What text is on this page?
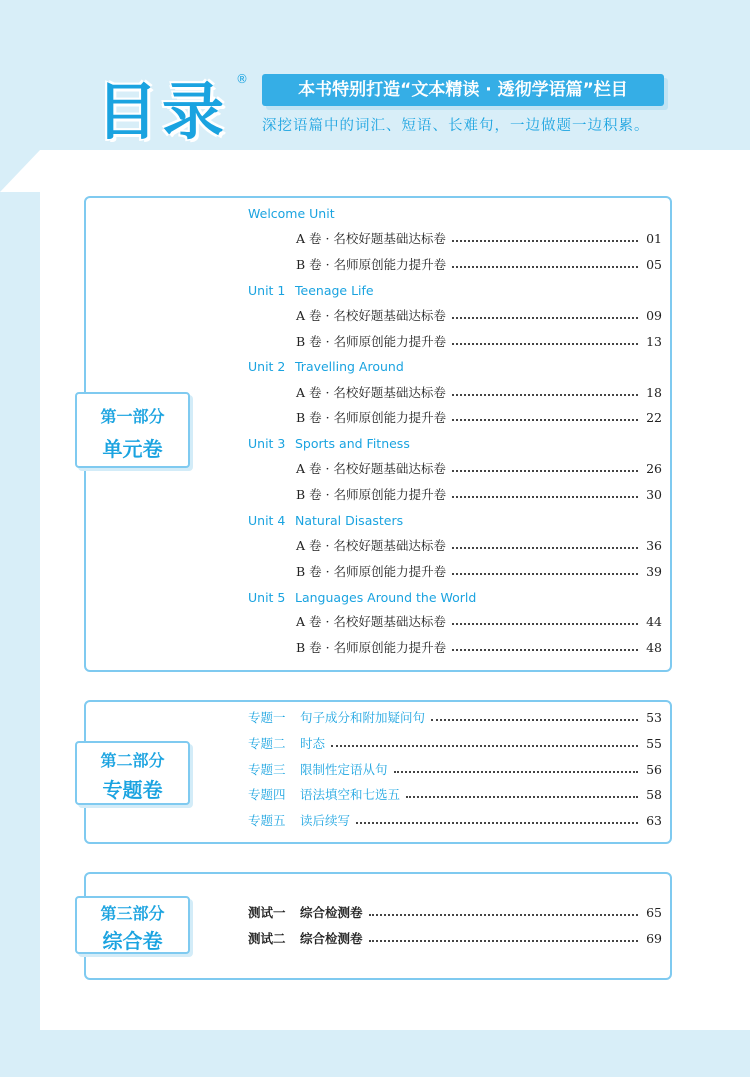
目录 ®
本书特别打造“文本精读 · 透彻学语篇”栏目
深挖语篇中的词汇、短语、长难句，一边做题一边积累。
第一部分
单元卷
Welcome Unit
A 卷 · 名校好题基础达标卷	01
B 卷 · 名师原创能力提升卷	05
Unit 1 Teenage Life
A 卷 · 名校好题基础达标卷	09
B 卷 · 名师原创能力提升卷	13
Unit 2 Travelling Around
A 卷 · 名校好题基础达标卷	18
B 卷 · 名师原创能力提升卷	22
Unit 3 Sports and Fitness
A 卷 · 名校好题基础达标卷	26
B 卷 · 名师原创能力提升卷	30
Unit 4 Natural Disasters
A 卷 · 名校好题基础达标卷	36
B 卷 · 名师原创能力提升卷	39
Unit 5 Languages Around the World
A 卷 · 名校好题基础达标卷	44
B 卷 · 名师原创能力提升卷	48
第二部分
专题卷
专题一	句子成分和附加疑问句	53
专题二	时态	55
专题三	限制性定语从句	56
专题四	语法填空和七选五	58
专题五	读后续写	63
第三部分
综合卷
测试一	综合检测卷	65
测试二	综合检测卷	69
